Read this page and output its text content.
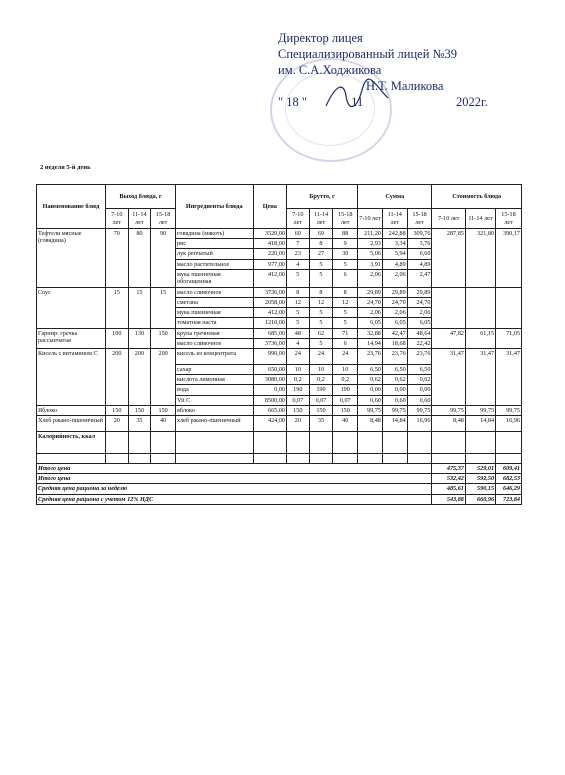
Директор лицея
Специализированный лицей №39
им. С.А.Ходжикова
Н.Т. Маликова
" 18 "	11	2022г.
2 неделя 5-й день
Наименование блюд	Выход блюда, г			Ингредиенты блюда	Цена	Брутто, г			Сумма			Стоимость блюда		
	7-10 лет	11-14 лет	15-18 лет			7-10 лет	11-14 лет	15-18 лет	7-10 лет	11-14 лет	15-18 лет	7-10 лет	11-14 лет	15-18 лет
Тефтели мясные (говядина)	70	80	90	говядина (мякоть)	3520,00	60	69	88	211,20	242,88	309,76	287,85	321,80	390,17
				рис	418,00	7	8	9	2,93	3,34	3,76			
				лук репчатый	220,00	23	27	30	5,06	5,94	6,60			
				масло растительное	977,00	4	5	5	3,91	4,89	4,89			
				мука пшеничная обогащенная	412,00	5	5	6	2,06	2,06	2,47			
Соус	15	15	15	масло сливочное	3736,00	8	8	8	29,89	29,89	29,89			
				сметана	2058,00	12	12	12	24,70	24,70	24,70			
				мука пшеничная	412,00	5	5	5	2,06	2,06	2,06			
				томатная паста	1210,00	5	5	5	6,05	6,05	6,05			
Гарнир: гречка рассыпчатая	100	130	150	крупа гречневая	685,00	48	62	71	32,88	42,47	48,64	47,82	61,15	71,05
				масло сливочное	3736,00	4	5	6	14,94	18,68	22,42			
Кисель с витамином С	200	200	200	кисель из концентрата	990,00	24	24	24	23,76	23,76	23,76	31,47	31,47	31,47
				сахар	650,00	10	10	10	6,50	6,50	6,50			
				кислота лимонная	3080,00	0,2	0,2	0,2	0,62	0,62	0,62			
				вода	0,00	190	190	190	0,00	0,00	0,00			
				Vit C	8500,00	0,07	0,07	0,07	0,60	0,60	0,60			
Яблоко	150	150	150	яблоко	665,00	150	150	150	99,75	99,75	99,75	99,75	99,75	99,75
Хлеб ржано-пшеничный	20	35	40	хлеб ржано-пшеничный	424,00	20	35	40	8,48	14,84	16,96	8,48	14,84	16,96
Калорийность, ккал														

Итого цена												475,37	529,01	609,41
Итого цена												532,42	592,50	682,53
Средняя цена рациона за неделю												485,61	590,15	646,29
Средняя цена рациона с учетом 12% НДС												543,88	660,96	723,84
